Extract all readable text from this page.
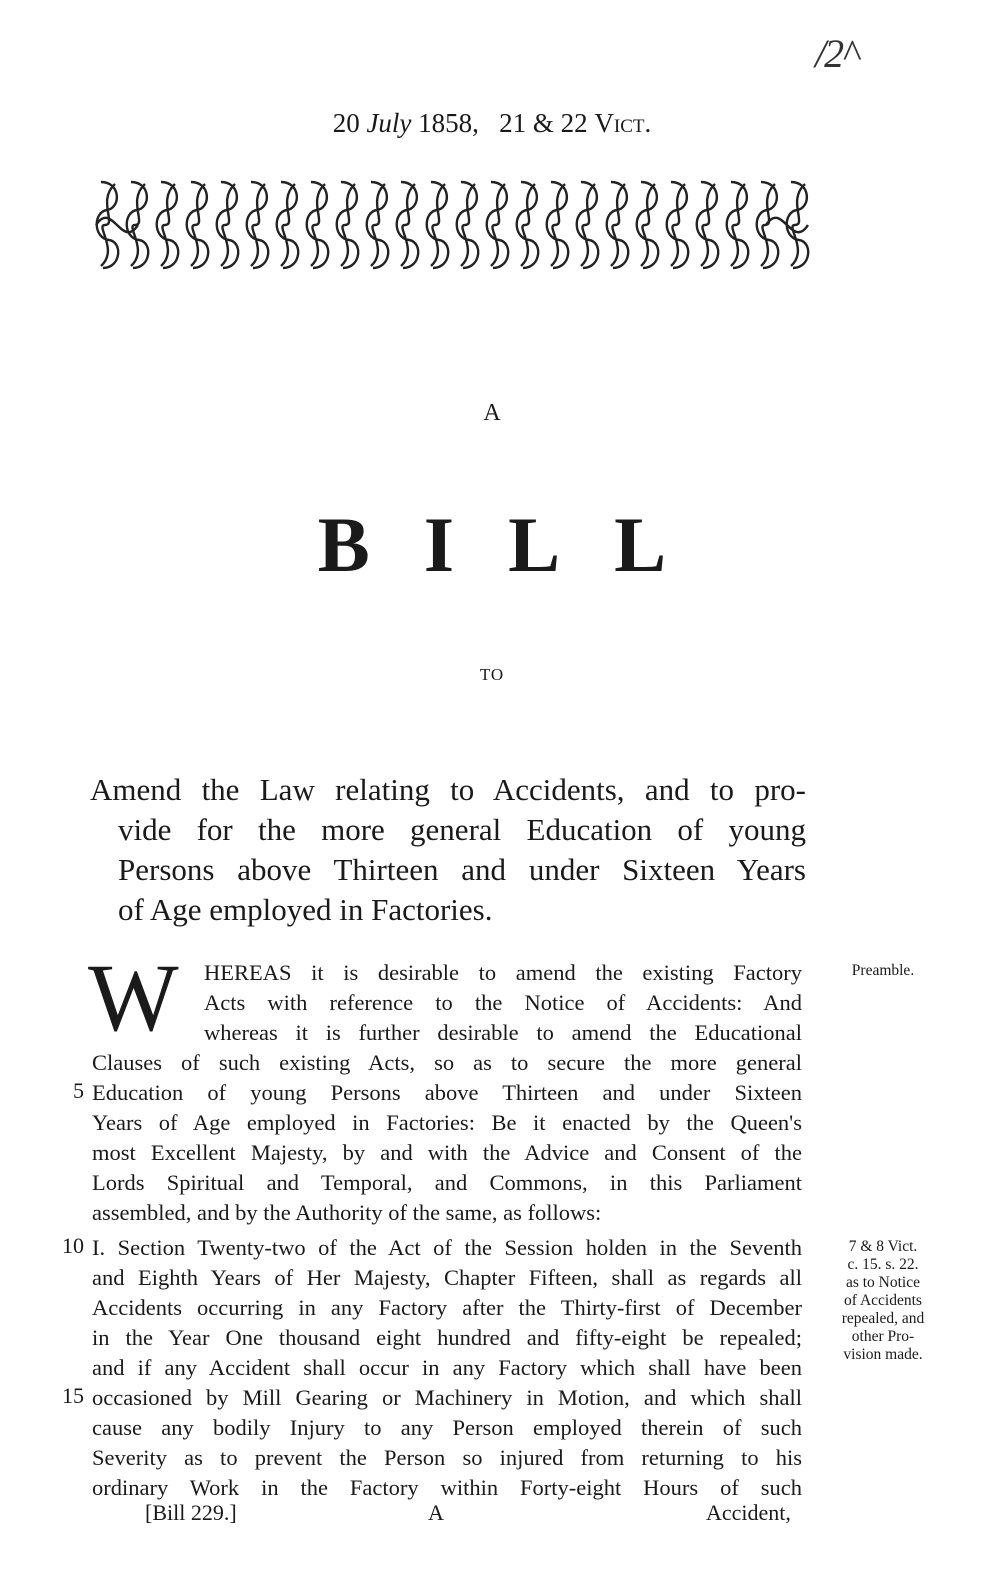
/2^
20 July 1858, 21 & 22 Vict.
A
BILL
TO
Amend the Law relating to Accidents, and to pro-
vide for the more general Education of young
Persons above Thirteen and under Sixteen Years
of Age employed in Factories.
W HEREAS it is desirable to amend the existing Factory
Acts with reference to the Notice of Accidents: And
whereas it is further desirable to amend the Educational
Clauses of such existing Acts, so as to secure the more general
Education of young Persons above Thirteen and under Sixteen
Years of Age employed in Factories: Be it enacted by the Queen's
most Excellent Majesty, by and with the Advice and Consent of the
Lords Spiritual and Temporal, and Commons, in this Parliament
assembled, and by the Authority of the same, as follows:
I. Section Twenty-two of the Act of the Session holden in the Seventh
and Eighth Years of Her Majesty, Chapter Fifteen, shall as regards all
Accidents occurring in any Factory after the Thirty-first of December
in the Year One thousand eight hundred and fifty-eight be repealed;
and if any Accident shall occur in any Factory which shall have been
occasioned by Mill Gearing or Machinery in Motion, and which shall
cause any bodily Injury to any Person employed therein of such
Severity as to prevent the Person so injured from returning to his
ordinary Work in the Factory within Forty-eight Hours of such
5
10
15
Preamble.
7 & 8 Vict.
c. 15. s. 22.
as to Notice
of Accidents
repealed, and
other Pro-
vision made.
[Bill 229.]	A	Accident,
